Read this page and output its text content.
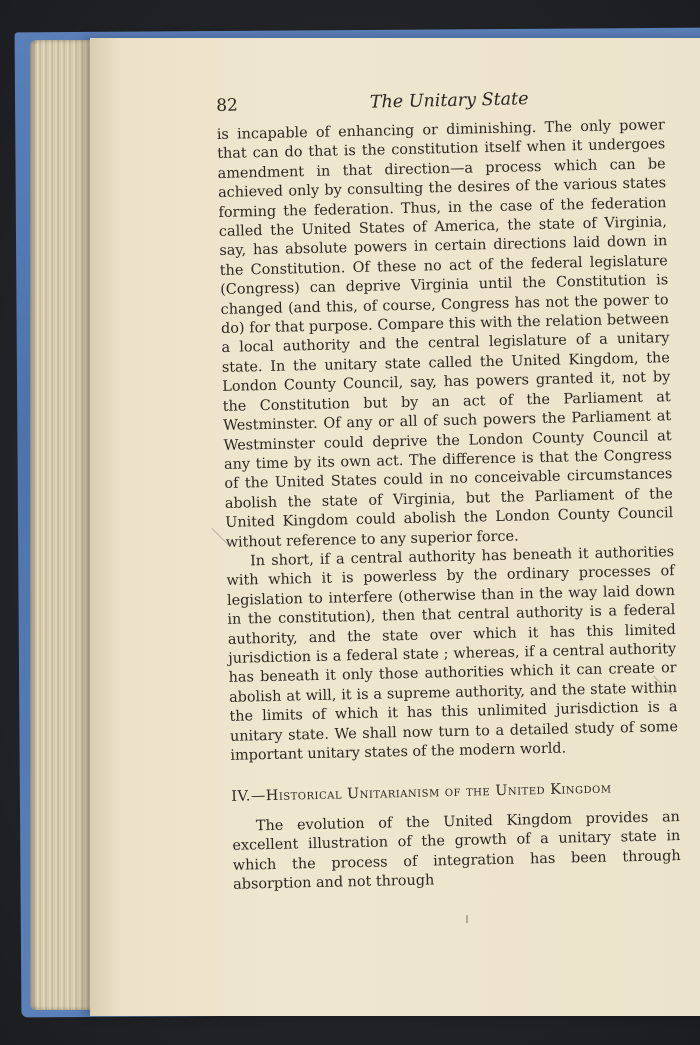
82	The Unitary State

is incapable of enhancing or diminishing. The only power that can do that is the constitution itself when it undergoes amendment in that direction—a process which can be achieved only by consulting the desires of the various states forming the federation. Thus, in the case of the federation called the United States of America, the state of Virginia, say, has absolute powers in certain directions laid down in the Constitution. Of these no act of the federal legislature (Congress) can deprive Virginia until the Constitution is changed (and this, of course, Congress has not the power to do) for that purpose. Compare this with the relation between a local authority and the central legislature of a unitary state. In the unitary state called the United Kingdom, the London County Council, say, has powers granted it, not by the Constitution but by an act of the Parliament at Westminster. Of any or all of such powers the Parliament at Westminster could deprive the London County Council at any time by its own act. The difference is that the Congress of the United States could in no conceivable circumstances abolish the state of Virginia, but the Parliament of the United Kingdom could abolish the London County Council without reference to any superior force.

In short, if a central authority has beneath it authorities with which it is powerless by the ordinary processes of legislation to interfere (otherwise than in the way laid down in the constitution), then that central authority is a federal authority, and the state over which it has this limited jurisdiction is a federal state ; whereas, if a central authority has beneath it only those authorities which it can create or abolish at will, it is a supreme authority, and the state within the limits of which it has this unlimited jurisdiction is a unitary state. We shall now turn to a detailed study of some important unitary states of the modern world.

IV.—Historical Unitarianism of the United Kingdom

The evolution of the United Kingdom provides an excellent illustration of the growth of a unitary state in which the process of integration has been through absorption and not through
